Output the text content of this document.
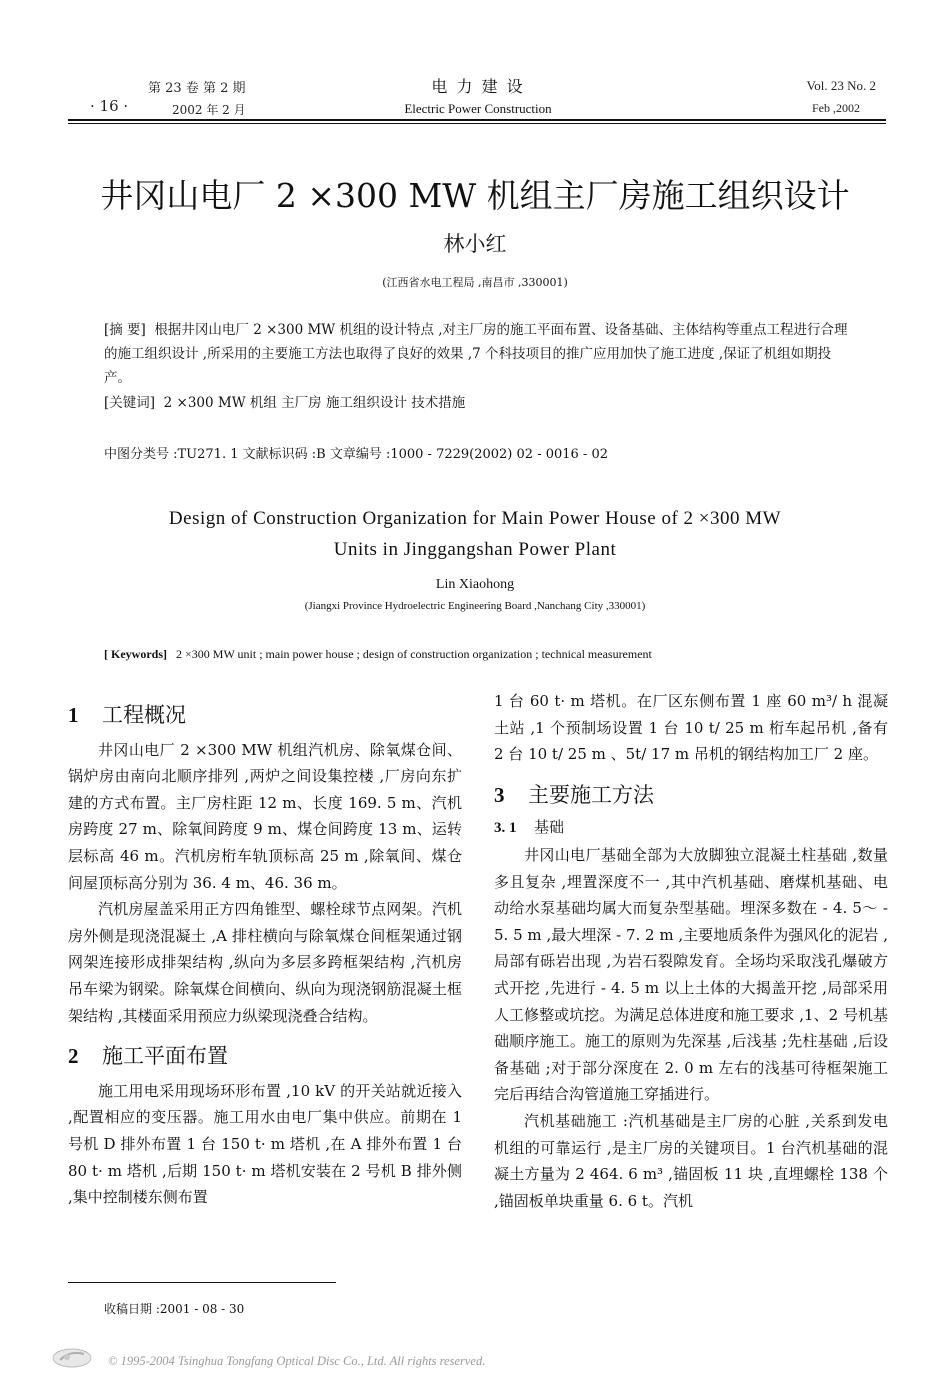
第 23 卷 第 2 期
· 16 ·	2002 年 2 月
电 力 建 设
Electric Power Construction
Vol. 23 No. 2
Feb ,2002
井冈山电厂 2 ×300 MW 机组主厂房施工组织设计
林小红
(江西省水电工程局 ,南昌市 ,330001)
[摘 要] 根据井冈山电厂 2 ×300 MW 机组的设计特点 ,对主厂房的施工平面布置、设备基础、主体结构等重点工程进行合理的施工组织设计 ,所采用的主要施工方法也取得了良好的效果 ,7 个科技项目的推广应用加快了施工进度 ,保证了机组如期投产。
[关键词] 2 ×300 MW 机组 主厂房 施工组织设计 技术措施
中图分类号 :TU271. 1 文献标识码 :B 文章编号 :1000 - 7229(2002) 02 - 0016 - 02
Design of Construction Organization for Main Power House of 2 ×300 MW
Units in Jinggangshan Power Plant
Lin Xiaohong
(Jiangxi Province Hydroelectric Engineering Board ,Nanchang City ,330001)
[ Keywords] 2 ×300 MW unit ; main power house ; design of construction organization ; technical measurement
1 工程概况

井冈山电厂 2 ×300 MW 机组汽机房、除氧煤仓间、锅炉房由南向北顺序排列 ,两炉之间设集控楼 ,厂房向东扩建的方式布置。主厂房柱距 12 m、长度 169. 5 m、汽机房跨度 27 m、除氧间跨度 9 m、煤仓间跨度 13 m、运转层标高 46 m。汽机房桁车轨顶标高 25 m ,除氧间、煤仓间屋顶标高分别为 36. 4 m、46. 36 m。

汽机房屋盖采用正方四角锥型、螺栓球节点网架。汽机房外侧是现浇混凝土 ,A 排柱横向与除氧煤仓间框架通过钢网架连接形成排架结构 ,纵向为多层多跨框架结构 ,汽机房吊车梁为钢梁。除氧煤仓间横向、纵向为现浇钢筋混凝土框架结构 ,其楼面采用预应力纵梁现浇叠合结构。

2 施工平面布置

施工用电采用现场环形布置 ,10 kV 的开关站就近接入 ,配置相应的变压器。施工用水由电厂集中供应。前期在 1 号机 D 排外布置 1 台 150 t· m 塔机 ,在 A 排外布置 1 台 80 t· m 塔机 ,后期 150 t· m 塔机安装在 2 号机 B 排外侧 ,集中控制楼东侧布置

1 台 60 t· m 塔机。在厂区东侧布置 1 座 60 m³/ h 混凝土站 ,1 个预制场设置 1 台 10 t/ 25 m 桁车起吊机 ,备有 2 台 10 t/ 25 m 、5t/ 17 m 吊机的钢结构加工厂 2 座。

3 主要施工方法
3. 1 基础

井冈山电厂基础全部为大放脚独立混凝土柱基础 ,数量多且复杂 ,埋置深度不一 ,其中汽机基础、磨煤机基础、电动给水泵基础均属大而复杂型基础。埋深多数在 - 4. 5～ - 5. 5 m ,最大埋深 - 7. 2 m ,主要地质条件为强风化的泥岩 ,局部有砾岩出现 ,为岩石裂隙发育。全场均采取浅孔爆破方式开挖 ,先进行 - 4. 5 m 以上土体的大揭盖开挖 ,局部采用人工修整或坑挖。为满足总体进度和施工要求 ,1、2 号机基础顺序施工。施工的原则为先深基 ,后浅基 ;先柱基础 ,后设备基础 ;对于部分深度在 2. 0 m 左右的浅基可待框架施工完后再结合沟管道施工穿插进行。

汽机基础施工 :汽机基础是主厂房的心脏 ,关系到发电机组的可靠运行 ,是主厂房的关键项目。1 台汽机基础的混凝土方量为 2 464. 6 m³ ,锚固板 11 块 ,直埋螺栓 138 个 ,锚固板单块重量 6. 6 t。汽机

收稿日期 :2001 - 08 - 30
© 1995-2004 Tsinghua Tongfang Optical Disc Co., Ltd. All rights reserved.
